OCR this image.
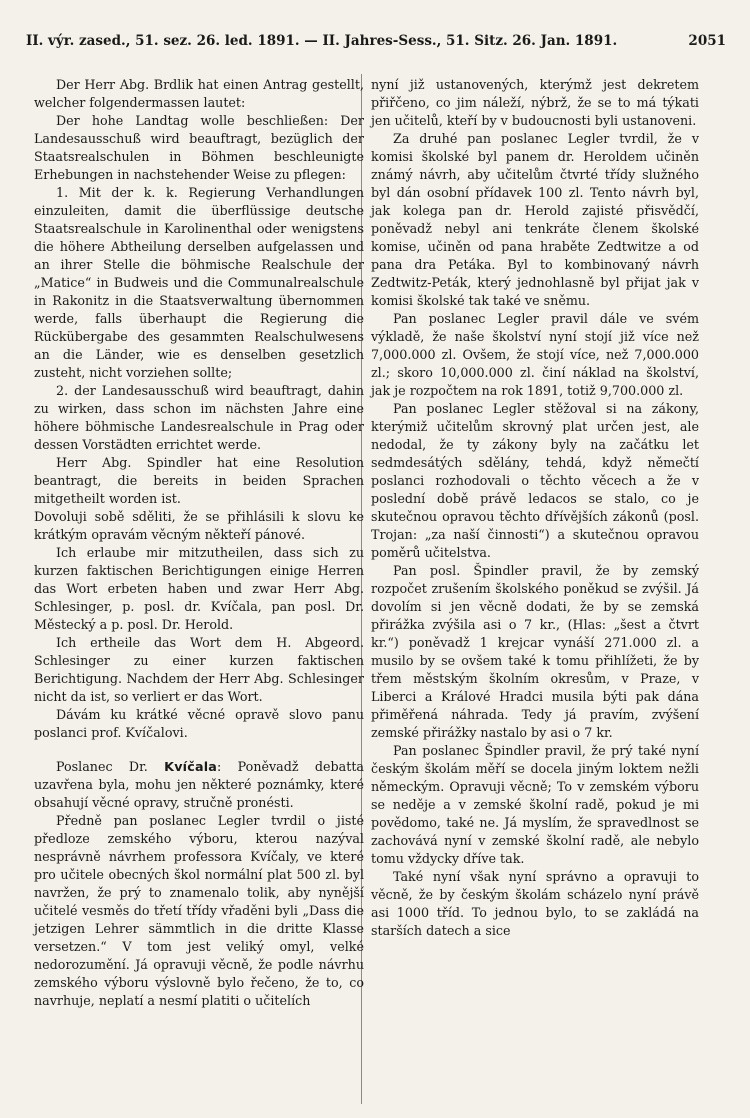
II. výr. zased., 51. sez. 26. led. 1891. — II. Jahres-Sess., 51. Sitz. 26. Jan. 1891.	2051

Der Herr Abg. Brdlik hat einen Antrag gestellt, welcher folgendermassen lautet:

Der hohe Landtag wolle beschließen: Der Landesausschuß wird beauftragt, bezüglich der Staatsrealschulen in Böhmen beschleunigte Erhebungen in nachstehender Weise zu pflegen:

1. Mit der k. k. Regierung Verhandlungen einzuleiten, damit die überflüssige deutsche Staatsrealschule in Karolinenthal oder wenigstens die höhere Abtheilung derselben aufgelassen und an ihrer Stelle die böhmische Realschule der „Matice“ in Budweis und die Communalrealschule in Rakonitz in die Staatsverwaltung übernommen werde, falls überhaupt die Regierung die Rückübergabe des gesammten Realschulwesens an die Länder, wie es denselben gesetzlich zusteht, nicht vorziehen sollte;

2. der Landesausschuß wird beauftragt, dahin zu wirken, dass schon im nächsten Jahre eine höhere böhmische Landesrealschule in Prag oder dessen Vorstädten errichtet werde.

Herr Abg. Spindler hat eine Resolution beantragt, die bereits in beiden Sprachen mitgetheilt worden ist.

Dovoluji sobě sděliti, že se přihlásili k slovu ke krátkým opravám věcným někteří pánové.

Ich erlaube mir mitzutheilen, dass sich zu kurzen faktischen Berichtigungen einige Herren das Wort erbeten haben und zwar Herr Abg. Schlesinger, p. posl. dr. Kvíčala, pan posl. Dr. Městecký a p. posl. Dr. Herold.

Ich ertheile das Wort dem H. Abgeord. Schlesinger zu einer kurzen faktischen Berichtigung. Nachdem der Herr Abg. Schlesinger nicht da ist, so verliert er das Wort.

Dávám ku krátké věcné opravě slovo panu poslanci prof. Kvíčalovi.

Poslanec Dr. Kvíčala: Poněvadž debatta uzavřena byla, mohu jen některé poznámky, které obsahují věcné opravy, stručně pronésti.

Předně pan poslanec Legler tvrdil o jisté předloze zemského výboru, kterou nazýval nesprávně návrhem professora Kvíčaly, ve které pro učitele obecných škol normální plat 500 zl. byl navržen, že prý to znamenalo tolik, aby nynější učitelé vesměs do třetí třídy vřaděni byli „Dass die jetzigen Lehrer sämmtlich in die dritte Klasse versetzen.“ V tom jest veliký omyl, velké nedorozumění. Já opravuji věcně, že podle návrhu zemského výboru výslovně bylo řečeno, že to, co navrhuje, neplatí a nesmí platiti o učitelích

nyní již ustanovených, kterýmž jest dekretem přiřčeno, co jim náleží, nýbrž, že se to má týkati jen učitelů, kteří by v budoucnosti byli ustanoveni.

Za druhé pan poslanec Legler tvrdil, že v komisi školské byl panem dr. Heroldem učiněn známý návrh, aby učitelům čtvrté třídy služného byl dán osobní přídavek 100 zl. Tento návrh byl, jak kolega pan dr. Herold zajisté přisvědčí, poněvadž nebyl ani tenkráte členem školské komise, učiněn od pana hraběte Zedtwitze a od pana dra Petáka. Byl to kombinovaný návrh Zedtwitz-Peták, který jednohlasně byl přijat jak v komisi školské tak také ve sněmu.

Pan poslanec Legler pravil dále ve svém výkladě, že naše školství nyní stojí již více než 7,000.000 zl. Ovšem, že stojí více, než 7,000.000 zl.; skoro 10,000.000 zl. činí náklad na školství, jak je rozpočtem na rok 1891, totiž 9,700.000 zl.

Pan poslanec Legler stěžoval si na zákony, kterýmiž učitelům skrovný plat určen jest, ale nedodal, že ty zákony byly na začátku let sedmdesátých sdělány, tehdá, když němečtí poslanci rozhodovali o těchto věcech a že v poslední době právě ledacos se stalo, co je skutečnou opravou těchto dřívějších zákonů (posl. Trojan: „za naší činnosti“) a skutečnou opravou poměrů učitelstva.

Pan posl. Špindler pravil, že by zemský rozpočet zrušením školského poněkud se zvýšil. Já dovolím si jen věcně dodati, že by se zemská přirážka zvýšila asi o 7 kr., (Hlas: „šest a čtvrt kr.“) poněvadž 1 krejcar vynáší 271.000 zl. a musilo by se ovšem také k tomu přihlížeti, že by třem městským školním okresům, v Praze, v Liberci a Králové Hradci musila býti pak dána přiměřená náhrada. Tedy já pravím, zvýšení zemské přirážky nastalo by asi o 7 kr.

Pan poslanec Špindler pravil, že prý také nyní českým školám měří se docela jiným loktem nežli německým. Opravuji věcně; To v zemském výboru se neděje a v zemské školní radě, pokud je mi povědomo, také ne. Já myslím, že spravedlnost se zachovává nyní v zemské školní radě, ale nebylo tomu vždycky dříve tak.

Také nyní však nyní správno a opravuji to věcně, že by českým školám scházelo nyní právě asi 1000 tříd. To jednou bylo, to se zakládá na starších datech a sice
